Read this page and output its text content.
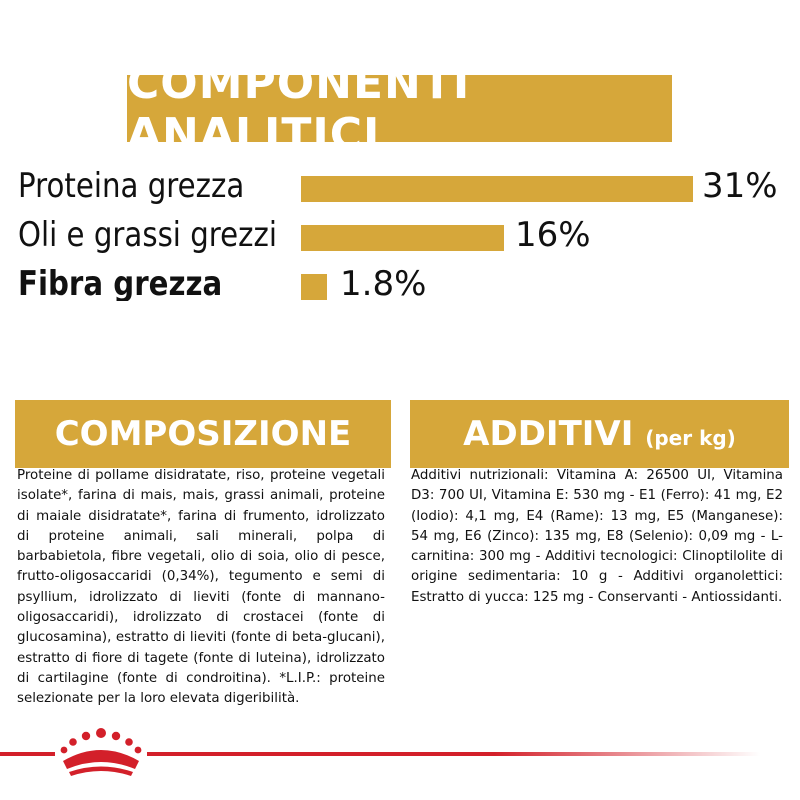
COMPONENTI ANALITICI
Proteina grezza	31%
Oli e grassi grezzi	16%
Fibra grezza	1.8%
COMPOSIZIONE
Proteine di pollame disidratate, riso, proteine vegetali isolate*, farina di mais, mais, grassi animali, proteine di maiale disidratate*, farina di frumento, idrolizzato di proteine animali, sali minerali, polpa di barbabietola, fibre vegetali, olio di soia, olio di pesce, frutto-oligosaccaridi (0,34%), tegumento e semi di psyllium, idrolizzato di lieviti (fonte di mannano-oligosaccaridi), idrolizzato di crostacei (fonte di glucosamina), estratto di lieviti (fonte di beta-glucani), estratto di fiore di tagete (fonte di luteina), idrolizzato di cartilagine (fonte di condroitina). *L.I.P.: proteine selezionate per la loro elevata digeribilità.
ADDITIVI (per kg)
Additivi nutrizionali: Vitamina A: 26500 UI, Vitamina D3: 700 UI, Vitamina E: 530 mg - E1 (Ferro): 41 mg, E2 (Iodio): 4,1 mg, E4 (Rame): 13 mg, E5 (Manganese): 54 mg, E6 (Zinco): 135 mg, E8 (Selenio): 0,09 mg - L-carnitina: 300 mg - Additivi tecnologici: Clinoptilolite di origine sedimentaria: 10 g - Additivi organolettici: Estratto di yucca: 125 mg - Conservanti - Antiossidanti.
